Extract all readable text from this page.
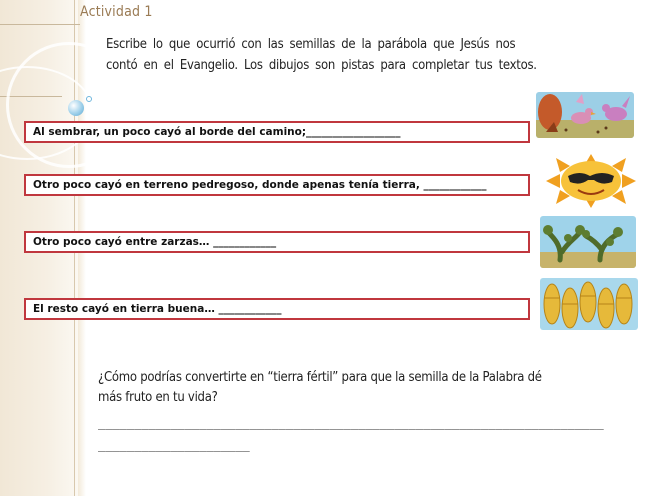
Actividad 1
Escribe lo que ocurrió con las semillas de la parábola que Jesús nos contó en el Evangelio. Los dibujos son pistas para completar tus textos.
Al sembrar, un poco cayó al borde del camino;__________________
Otro poco cayó en terreno pedregoso, donde apenas tenía tierra, ____________
Otro poco cayó entre zarzas… ____________
El resto cayó en tierra buena… ____________
¿Cómo podrías convertirte en “tierra fértil” para que la semilla de la Palabra dé más fruto en tu vida?
______________________________________________________________________
_____________________
